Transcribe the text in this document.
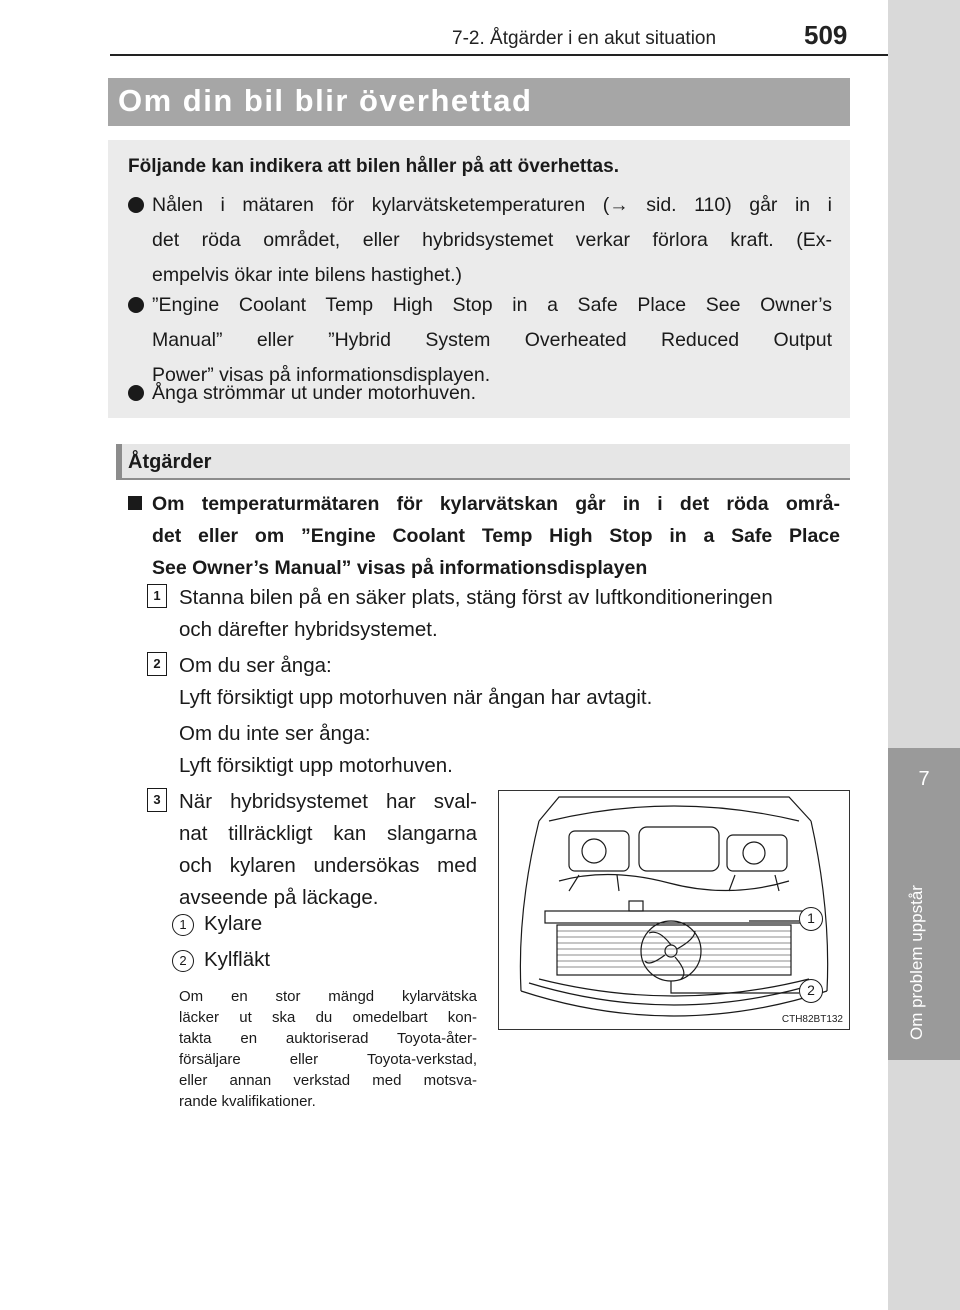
7-2. Åtgärder i en akut situation	509
7
Om problem uppstår
Om din bil blir överhettad
Följande kan indikera att bilen håller på att överhettas.
Nålen i mätaren för kylarvätsketemperaturen (→ sid. 110) går in i
det röda området, eller hybridsystemet verkar förlora kraft. (Ex-
empelvis ökar inte bilens hastighet.)
”Engine Coolant Temp High Stop in a Safe Place See Owner’s
Manual” eller ”Hybrid System Overheated Reduced Output
Power” visas på informationsdisplayen.
Ånga strömmar ut under motorhuven.
Åtgärder
Om temperaturmätaren för kylarvätskan går in i det röda områ-
det eller om ”Engine Coolant Temp High Stop in a Safe Place
See Owner’s Manual” visas på informationsdisplayen
1 Stanna bilen på en säker plats, stäng först av luftkonditioneringen
och därefter hybridsystemet.
2 Om du ser ånga:
Lyft försiktigt upp motorhuven när ångan har avtagit.
Om du inte ser ånga:
Lyft försiktigt upp motorhuven.
3 När hybridsystemet har sval-
nat tillräckligt kan slangarna
och kylaren undersökas med
avseende på läckage.
1 Kylare
2 Kylfläkt
Om en stor mängd kylarvätska
läcker ut ska du omedelbart kon-
takta en auktoriserad Toyota-åter-
försäljare eller Toyota-verkstad,
eller annan verkstad med motsva-
rande kvalifikationer.
1
2
CTH82BT132
